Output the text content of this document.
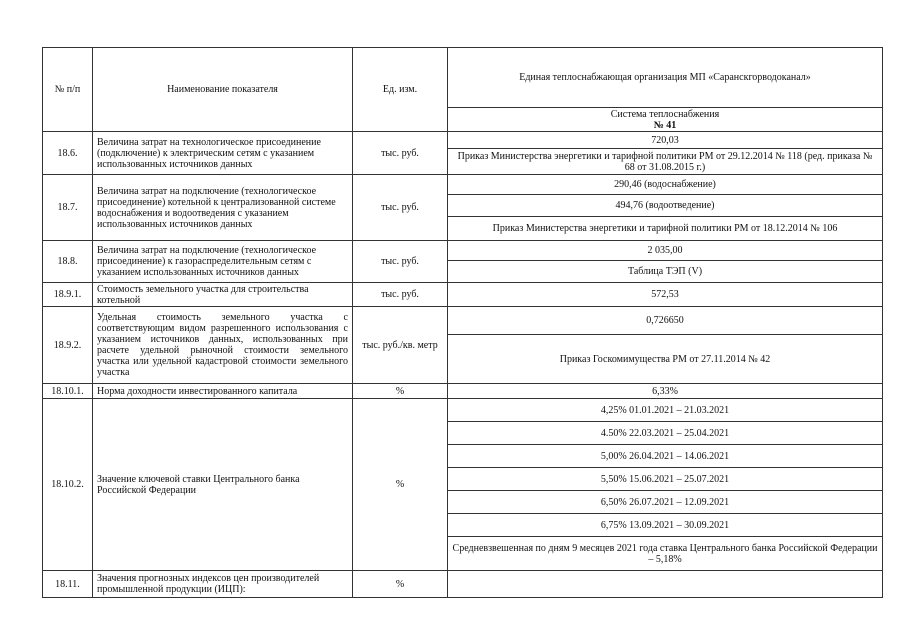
№ п/п	Наименование показателя	Ед. изм.	Единая теплоснабжающая организация МП «Саранскгорводоканал»

			Система теплоснабжения
№ 41

18.6.	Величина затрат на технологическое присоединение (подключение) к электрическим сетям с указанием использованных источников данных	тыс. руб.	720,03
			Приказ Министерства энергетики и тарифной политики РМ от 29.12.2014 № 118 (ред. приказа № 68 от 31.08.2015 г.)
18.7.	Величина затрат на подключение (технологическое присоединение) котельной к централизованной системе водоснабжения и водоотведения с указанием использованных источников данных	тыс. руб.	290,46 (водоснабжение)
			494,76 (водоотведение)
			Приказ Министерства энергетики и тарифной политики РМ от 18.12.2014 № 106
18.8.	Величина затрат на подключение (технологическое присоединение) к газораспределительным сетям с указанием использованных источников данных	тыс. руб.	2 035,00
			Таблица ТЭП (V)
18.9.1.	Стоимость земельного участка для строительства котельной	тыс. руб.	572,53
18.9.2.	Удельная стоимость земельного участка с соответствующим видом разрешенного использования с указанием источников данных, использованных при расчете удельной рыночной стоимости земельного участка или удельной кадастровой стоимости земельного участка	тыс. руб./кв. метр	0,726650
			Приказ Госкомимущества РМ от 27.11.2014 № 42
18.10.1.	Норма доходности инвестированного капитала	%	6,33%
18.10.2.	Значение ключевой ставки Центрального банка Российской Федерации	%	4,25% 01.01.2021 – 21.03.2021
			4.50% 22.03.2021 – 25.04.2021
			5,00% 26.04.2021 – 14.06.2021
			5,50% 15.06.2021 – 25.07.2021
			6,50% 26.07.2021 – 12.09.2021
			6,75% 13.09.2021 – 30.09.2021
			Средневзвешенная по дням 9 месяцев 2021 года ставка Центрального банка Российской Федерации – 5,18%
18.11.	Значения прогнозных индексов цен производителей промышленной продукции (ИЦП):	%	
